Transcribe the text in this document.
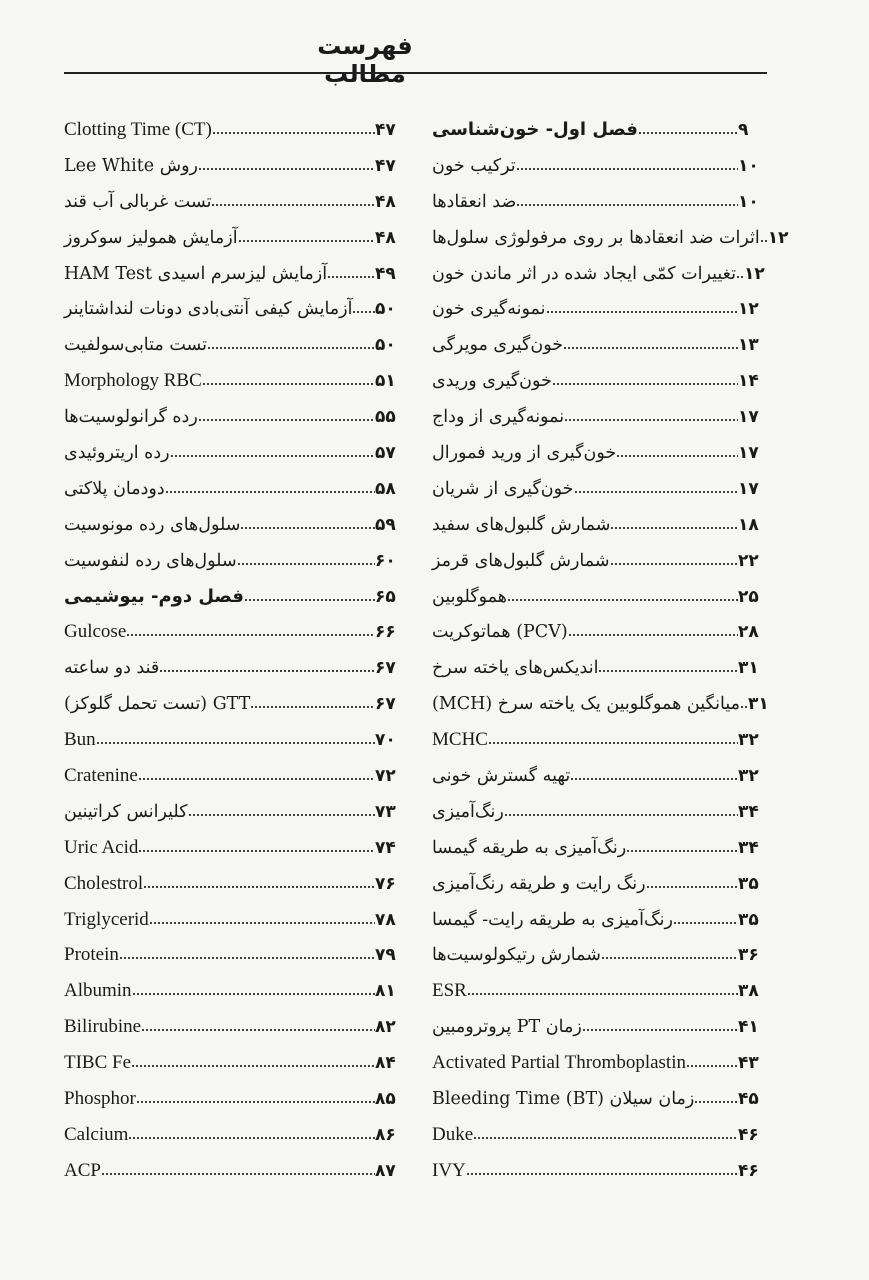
فهرست مطالب
فصل اول- خون‌شناسی	۹
ترکیب خون	۱۰
ضد انعقادها	۱۰
اثرات ضد انعقادها بر روی مرفولوژی سلول‌ها ۱۲
تغییرات کمّی ایجاد شده در اثر ماندن خون ۱۲
نمونه‌گیری خون	۱۲
خون‌گیری مویرگی	۱۳
خون‌گیری وریدی	۱۴
نمونه‌گیری از وداج	۱۷
خون‌گیری از ورید فمورال	۱۷
خون‌گیری از شریان	۱۷
شمارش گلبول‌های سفید	۱۸
شمارش گلبول‌های قرمز	۲۲
هموگلوبین	۲۵
(PCV) هماتوکریت	۲۸
اندیکس‌های یاخته سرخ	۳۱
میانگین هموگلوبین یک یاخته سرخ (MCH) ۳۱
MCHC	۳۲
تهیه گسترش خونی	۳۲
رنگ‌آمیزی	۳۴
رنگ‌آمیزی به طریقه گیمسا	۳۴
رنگ رایت و طریقه رنگ‌آمیزی	۳۵
رنگ‌آمیزی به طریقه رایت- گیمسا	۳۵
شمارش رتیکولوسیت‌ها	۳۶
ESR	۳۸
زمان PT پروترومبین	۴۱
Activated Partial Thromboplastin	۴۳
زمان سیلان Bleeding Time (BT)	۴۵
Duke	۴۶
IVY	۴۶
Clotting Time (CT)	۴۷
روش Lee White	۴۷
تست غربالی آب قند	۴۸
آزمایش همولیز سوکروز	۴۸
آزمایش لیزسرم اسیدی HAM Test	۴۹
آزمایش کیفی آنتی‌بادی دونات لنداشتاینر ۵۰
تست متابی‌سولفیت	۵۰
Morphology RBC	۵۱
رده گرانولوسیت‌ها	۵۵
رده اریتروئیدی	۵۷
دودمان پلاکتی	۵۸
سلول‌های رده مونوسیت	۵۹
سلول‌های رده لنفوسیت	۶۰
فصل دوم- بیوشیمی	۶۵
Gulcose	۶۶
قند دو ساعته	۶۷
GTT (تست تحمل گلوکز)	۶۷
Bun	۷۰
Cratenine	۷۲
کلیرانس کراتینین	۷۳
Uric Acid	۷۴
Cholestrol	۷۶
Triglycerid	۷۸
Protein	۷۹
Albumin	۸۱
Bilirubine	۸۲
TIBC Fe	۸۴
Phosphor	۸۵
Calcium	۸۶
ACP	۸۷
